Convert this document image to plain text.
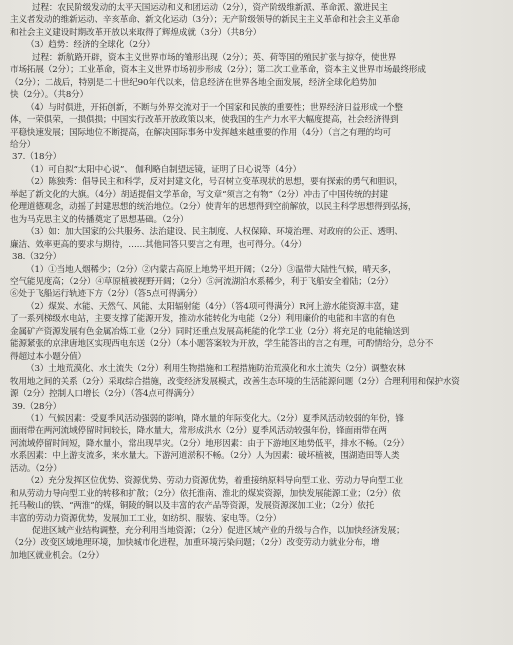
过程：农民阶级发动的太平天国运动和义和团运动（2分），资产阶级维新派、革命派、激进民主
主义者发动的维新运动、辛亥革命、新文化运动（3分）；无产阶级领导的新民主主义革命和社会主义革命
和社会主义建设时期改革开放以来取得了辉煌成就（3分）（共8分）
（3）趋势：经济的全球化（2分）
过程：新航路开辟，资本主义世界市场的雏形出现（2分）；英、荷等国的殖民扩张与掠夺，使世界
市场拓展（2分）；工业革命，资本主义世界市场初步形成（2分）；第二次工业革命，资本主义世界市场最终形成
（2分）；二战后，特别是二十世纪90年代以来，信息经济在世界各地全面发展，经济全球化趋势加
快（2分）。（共8分）
（4）与时俱进，开拓创新，不断与外界交流对于一个国家和民族的重要性；世界经济日益形成一个整
体，一荣俱荣，一损俱损；中国实行改革开放政策以来，使我国的生产力水平大幅度提高，社会经济得到
平稳快速发展；国际地位不断提高，在解决国际事务中发挥越来越重要的作用（4分）（言之有理的均可
给分）
37.（18分）
（1）可自拟“太阳中心说”、 伽利略自制望远镜，证明了日心说等（4分）
（2）陈独秀：倡导民主和科学，反对封建文化，号召树立变革现状的思想，要有探索的勇气和胆识，
举起了新文化的大旗。（4分）胡适提倡文学革命，写文章“须言之有物”（2分）冲击了中国传统的封建
伦理道德观念，动摇了封建思想的统治地位。（2分）使青年的思想得到空前解放，以民主科学思想得到弘扬，
也为马克思主义的传播奠定了思想基础。（2分）
（3）如：加大国家的公共服务、法治建设、民主制度、人权保障、环境治理、对政府的公正、透明、
廉洁、效率更高的要求与期待，……其他同答只要言之有理，也可得分。（4分）
38.（32分）
（1）①当地人烟稀少；（2分）②内蒙古高原上地势平坦开阔；（2分）③温带大陆性气候，晴天多，
空气能见度高；（2分）④草原植被视野开阔；（2分）⑤河流湖泊水系稀少，利于飞船安全着陆；（2分）
⑥处于飞船运行轨迹下方（2分）（答5点可得满分）
（2）煤炭、水能、天然气、风能、太阳辐射能（4分）（答4项可得满分）R河上游水能资源丰富，建
了一系列梯级水电站，主要支撑了能源开发，推动水能转化为电能（2分）利用廉价的电能和丰富的有色
金属矿产资源发展有色金属冶炼工业（2分）同时还重点发展高耗能的化学工业（2分）将充足的电能输送到
能源紧张的京津唐地区实现西电东送（2分）（本小题答案较为开放，学生能答出的言之有理，可酌情给分，总分不
得超过本小题分值）
（3）土地荒漠化、水土流失（2分）利用生物措施和工程措施防治荒漠化和水土流失（2分）调整农林
牧用地之间的关系（2分）采取综合措施，改变经济发展模式，改善生态环境的生活能源问题（2分）合理利用和保护水资
源（2分）控制人口增长（2分）（答4点可得满分）
39.（28分）
（1）气候因素：受夏季风活动强弱的影响，降水量的年际变化大。（2分）夏季风活动较弱的年份，锋
面雨带在两河流域停留时间较长，降水量大，常形成洪水（2分）夏季风活动较强年份，锋面雨带在两
河流域停留时间短，降水量小，常出现旱灾。（2分）地形因素：由于下游地区地势低平，排水不畅。（2分）
水系因素：中上游支流多，来水量大。下游河道淤积不畅。（2分）人为因素：破坏植被，围湖造田等人类
活动。（2分）
（2）充分发挥区位优势、资源优势、劳动力资源优势，着重接纳原料导向型工业、劳动力导向型工业
和从劳动力导向型工业的转移和扩散；（2分）依托淮南、淮北的煤炭资源，加快发展能源工业；（2分）依
托马鞍山的铁、“两淮”的煤，铜陵的铜以及丰富的农产品等资源，发展资源深加工业；（2分）依托
丰富的劳动力资源优势，发展加工工业，如纺织、服装、家电等。（2分）
促进区域产业结构调整，充分利用当地资源；（2分）促进区域产业的升级与合作，以加快经济发展；
（2分）改变区域地理环境，加快城市化进程，加重环境污染问题；（2分）改变劳动力就业分布，增
加地区就业机会。（2分）
